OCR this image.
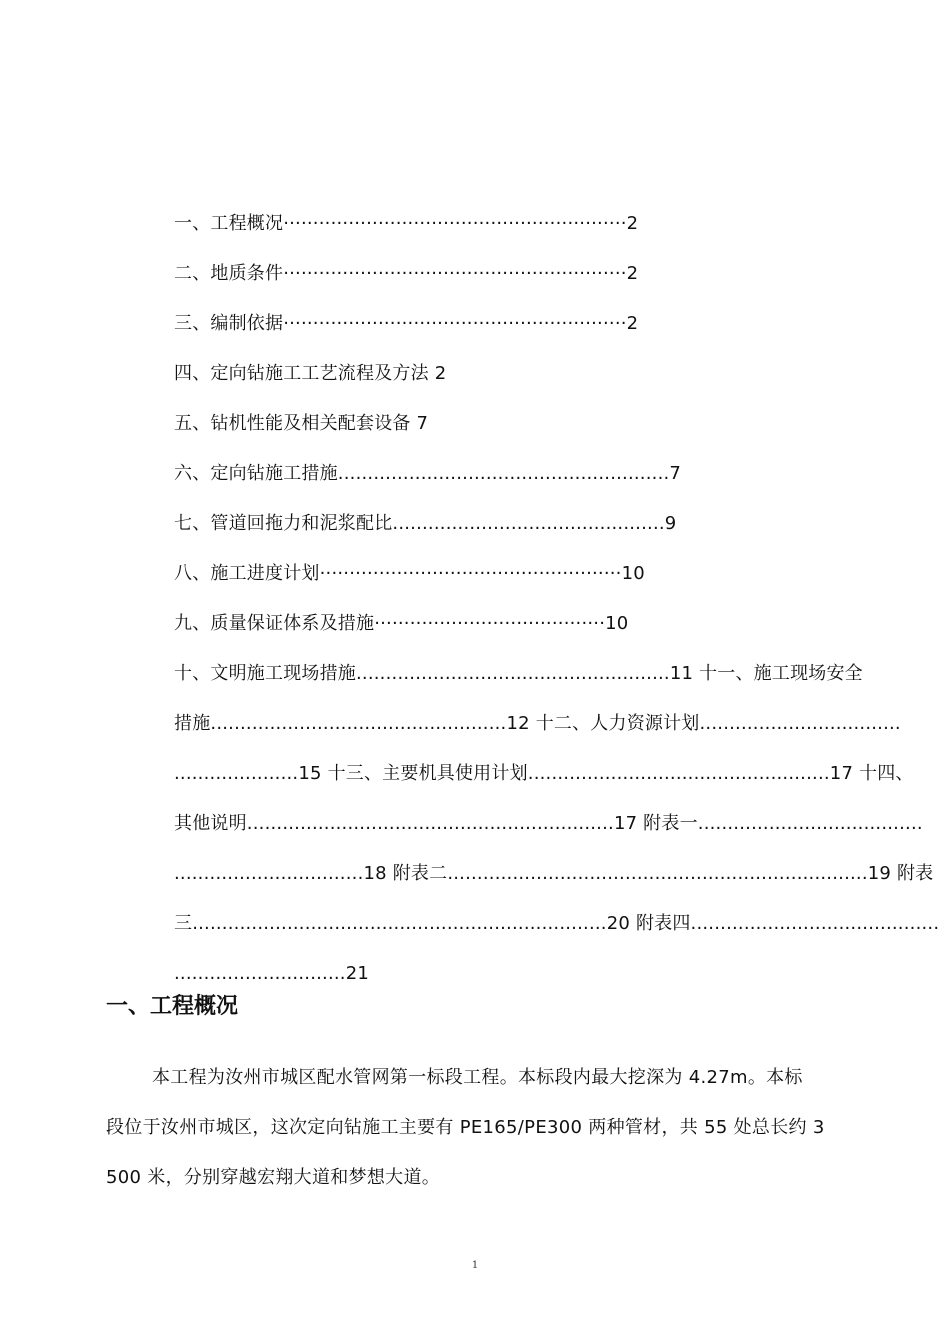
一、工程概况··························································2
二、地质条件··························································2
三、编制依据··························································2
四、定向钻施工工艺流程及方法 2
五、钻机性能及相关配套设备 7
六、定向钻施工措施........................................................7
七、管道回拖力和泥浆配比..............................................9
八、施工进度计划···················································10
九、质量保证体系及措施·······································10
十、文明施工现场措施.....................................................11 十一、施工现场安全
措施..................................................12 十二、人力资源计划..................................
.....................15 十三、主要机具使用计划...................................................17 十四、
其他说明..............................................................17 附表一......................................
................................18 附表二.......................................................................19 附表
三......................................................................20 附表四..........................................
.............................21
一、工程概况
本工程为汝州市城区配水管网第一标段工程。本标段内最大挖深为 4.27m。本标
段位于汝州市城区，这次定向钻施工主要有 PE165/PE300 两种管材，共 55 处总长约 3
500 米，分别穿越宏翔大道和梦想大道。
1
